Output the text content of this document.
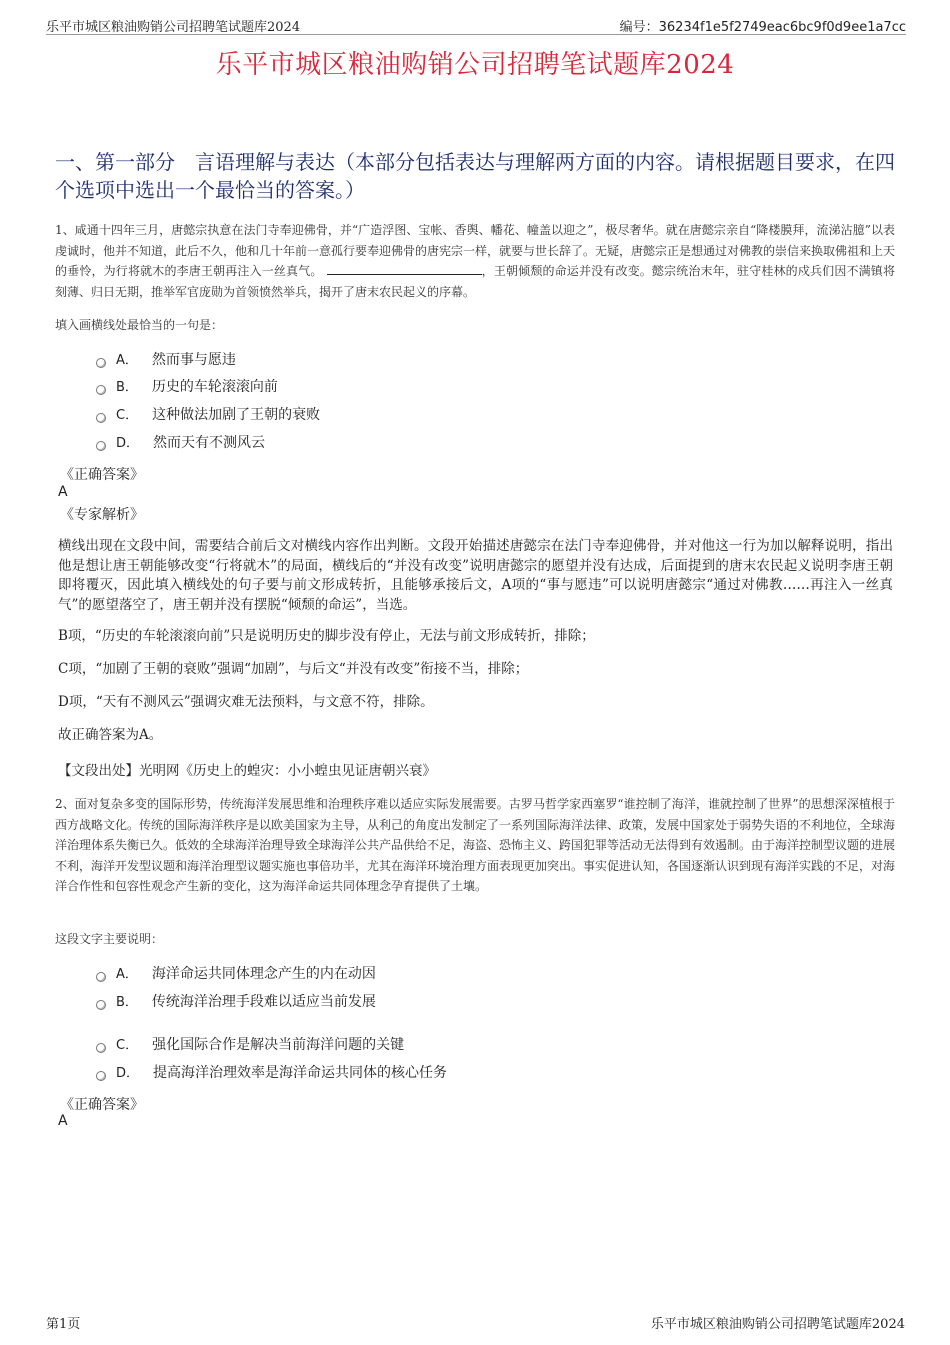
乐平市城区粮油购销公司招聘笔试题库2024	编号：36234f1e5f2749eac6bc9f0d9ee1a7cc
乐平市城区粮油购销公司招聘笔试题库2024
一、第一部分　言语理解与表达（本部分包括表达与理解两方面的内容。请根据题目要求，在四个选项中选出一个最恰当的答案。）
1、咸通十四年三月，唐懿宗执意在法门寺奉迎佛骨，并“广造浮图、宝帐、香舆、幡花、幢盖以迎之”，极尽奢华。就在唐懿宗亲自“降楼膜拜，流涕沾臆”以表虔诚时，他并不知道，此后不久，他和几十年前一意孤行要奉迎佛骨的唐宪宗一样，就要与世长辞了。无疑，唐懿宗正是想通过对佛教的崇信来换取佛祖和上天的垂怜，为行将就木的李唐王朝再注入一丝真气。	，王朝倾颓的命运并没有改变。懿宗统治末年，驻守桂林的戍兵们因不满镇将刻薄、归日无期，推举军官庞勋为首领愤然举兵，揭开了唐末农民起义的序幕。
填入画横线处最恰当的一句是：
A． 然而事与愿违
B． 历史的车轮滚滚向前
C． 这种做法加剧了王朝的衰败
D． 然而天有不测风云
《正确答案》
A
《专家解析》
横线出现在文段中间，需要结合前后文对横线内容作出判断。文段开始描述唐懿宗在法门寺奉迎佛骨，并对他这一行为加以解释说明，指出他是想让唐王朝能够改变“行将就木”的局面，横线后的“并没有改变”说明唐懿宗的愿望并没有达成，后面提到的唐末农民起义说明李唐王朝即将覆灭，因此填入横线处的句子要与前文形成转折，且能够承接后文，A项的“事与愿违”可以说明唐懿宗“通过对佛教……再注入一丝真气”的愿望落空了，唐王朝并没有摆脱“倾颓的命运”，当选。
B项，“历史的车轮滚滚向前”只是说明历史的脚步没有停止，无法与前文形成转折，排除；
C项，“加剧了王朝的衰败”强调“加剧”，与后文“并没有改变”衔接不当，排除；
D项，“天有不测风云”强调灾难无法预料，与文意不符，排除。
故正确答案为A。
【文段出处】光明网《历史上的蝗灾：小小蝗虫见证唐朝兴衰》
2、面对复杂多变的国际形势，传统海洋发展思维和治理秩序难以适应实际发展需要。古罗马哲学家西塞罗“谁控制了海洋，谁就控制了世界”的思想深深植根于西方战略文化。传统的国际海洋秩序是以欧美国家为主导，从利己的角度出发制定了一系列国际海洋法律、政策，发展中国家处于弱势失语的不利地位，全球海洋治理体系失衡已久。低效的全球海洋治理导致全球海洋公共产品供给不足，海盗、恐怖主义、跨国犯罪等活动无法得到有效遏制。由于海洋控制型议题的进展不利，海洋开发型议题和海洋治理型议题实施也事倍功半，尤其在海洋环境治理方面表现更加突出。事实促进认知，各国逐渐认识到现有海洋实践的不足，对海洋合作性和包容性观念产生新的变化，这为海洋命运共同体理念孕育提供了土壤。
这段文字主要说明：
A． 海洋命运共同体理念产生的内在动因
B． 传统海洋治理手段难以适应当前发展
C． 强化国际合作是解决当前海洋问题的关键
D． 提高海洋治理效率是海洋命运共同体的核心任务
《正确答案》
A
第1页	乐平市城区粮油购销公司招聘笔试题库2024
